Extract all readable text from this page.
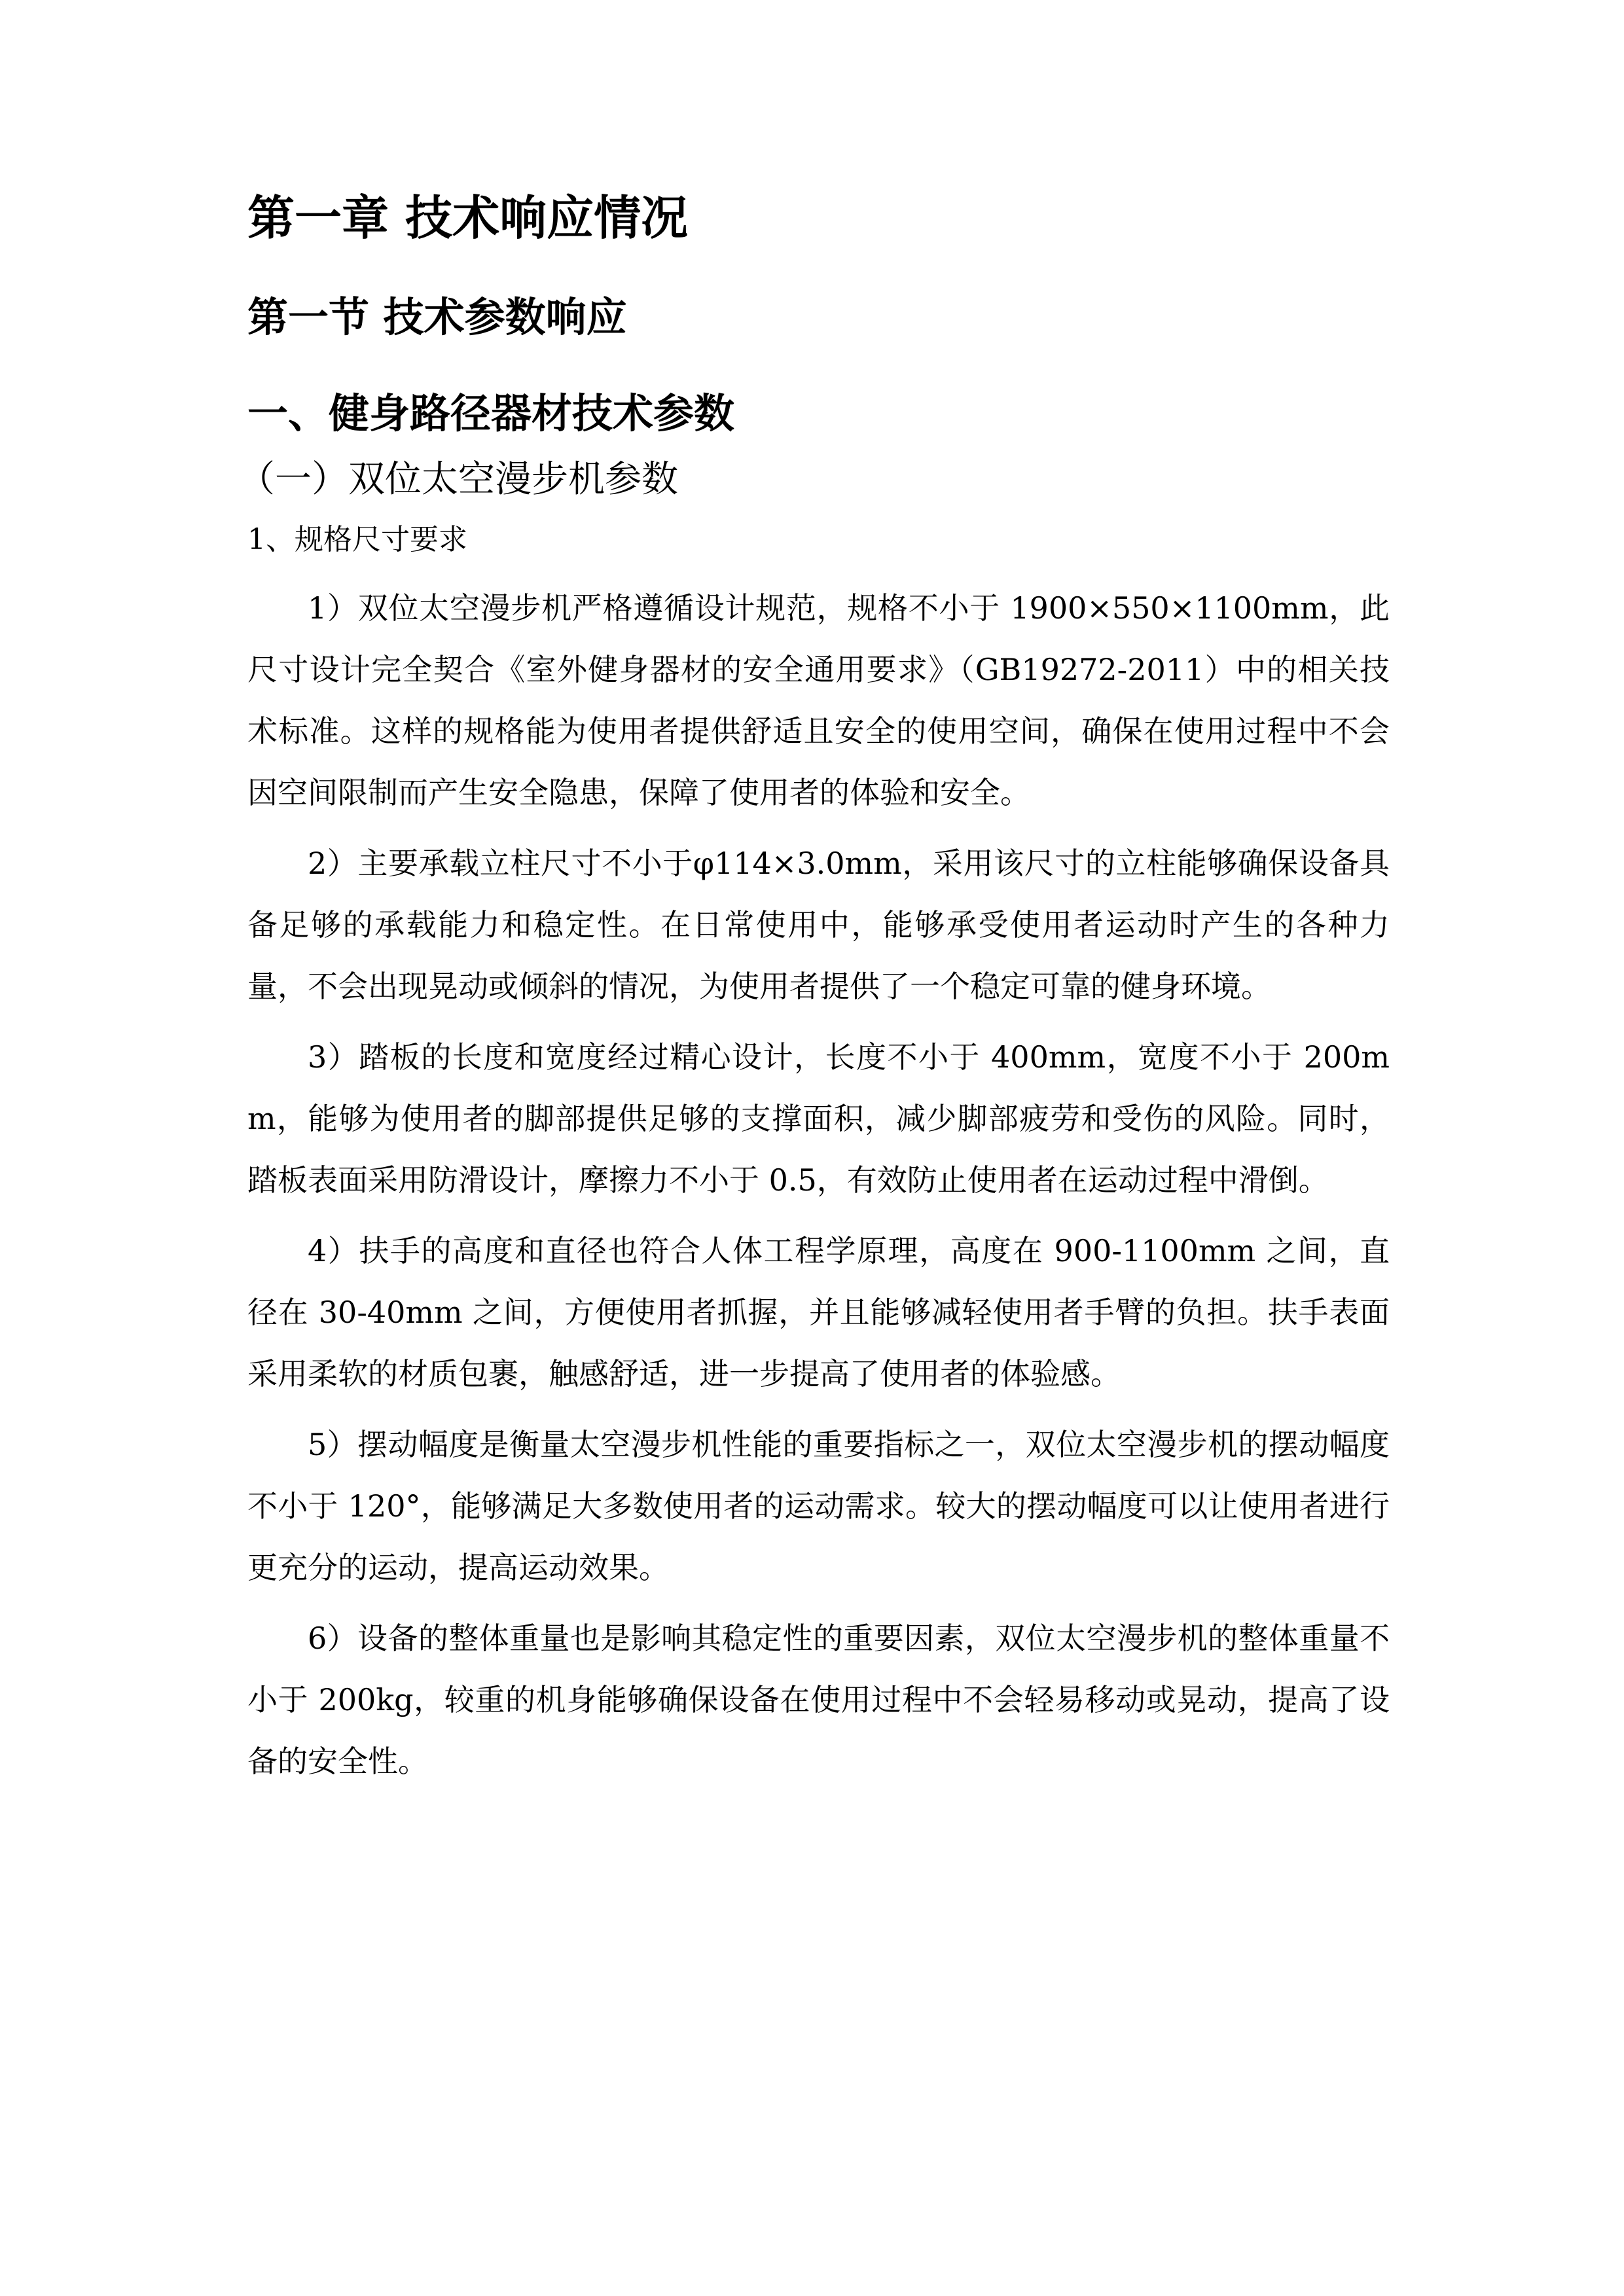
第一章 技术响应情况
第一节 技术参数响应
一、健身路径器材技术参数
（一）双位太空漫步机参数
1、规格尺寸要求

1）双位太空漫步机严格遵循设计规范，规格不小于 1900×550×1100mm，此尺寸设计完全契合《室外健身器材的安全通用要求》（GB19272-2011）中的相关技术标准。这样的规格能为使用者提供舒适且安全的使用空间，确保在使用过程中不会因空间限制而产生安全隐患，保障了使用者的体验和安全。

2）主要承载立柱尺寸不小于φ114×3.0mm，采用该尺寸的立柱能够确保设备具备足够的承载能力和稳定性。在日常使用中，能够承受使用者运动时产生的各种力量，不会出现晃动或倾斜的情况，为使用者提供了一个稳定可靠的健身环境。

3）踏板的长度和宽度经过精心设计，长度不小于 400mm，宽度不小于 200mm，能够为使用者的脚部提供足够的支撑面积，减少脚部疲劳和受伤的风险。同时，踏板表面采用防滑设计，摩擦力不小于 0.5，有效防止使用者在运动过程中滑倒。

4）扶手的高度和直径也符合人体工程学原理，高度在 900-1100mm 之间，直径在 30-40mm 之间，方便使用者抓握，并且能够减轻使用者手臂的负担。扶手表面采用柔软的材质包裹，触感舒适，进一步提高了使用者的体验感。

5）摆动幅度是衡量太空漫步机性能的重要指标之一，双位太空漫步机的摆动幅度不小于 120°，能够满足大多数使用者的运动需求。较大的摆动幅度可以让使用者进行更充分的运动，提高运动效果。

6）设备的整体重量也是影响其稳定性的重要因素，双位太空漫步机的整体重量不小于 200kg，较重的机身能够确保设备在使用过程中不会轻易移动或晃动，提高了设备的安全性。
